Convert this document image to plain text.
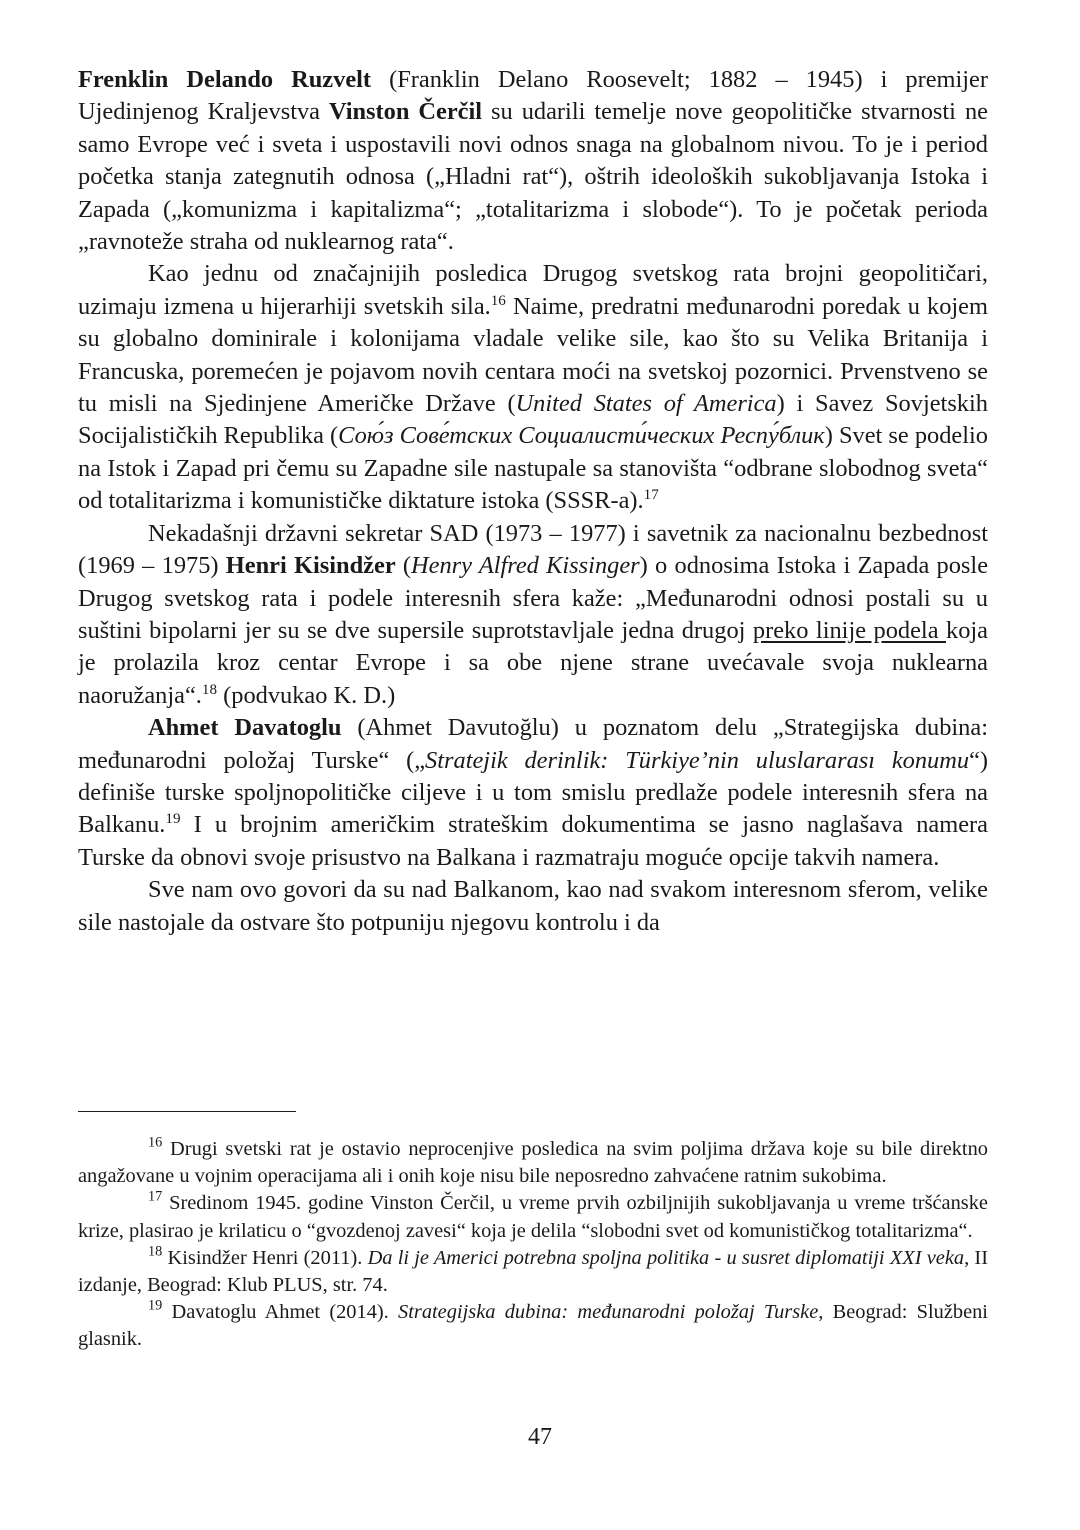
Frenklin Delando Ruzvelt (Franklin Delano Roosevelt; 1882 – 1945) i premijer Ujedinjenog Kraljevstva Vinston Čerčil su udarili temelje nove geopolitičke stvarnosti ne samo Evrope već i sveta i uspostavili novi odnos snaga na globalnom nivou. To je i period početka stanja zategnutih odnosa („Hladni rat“), oštrih ideoloških sukobljavanja Istoka i Zapada („komunizma i kapitalizma“; „totalitarizma i slobode“). To je početak perioda „ravnoteže straha od nuklearnog rata“.

Kao jednu od značajnijih posledica Drugog svetskog rata brojni geopolitičari, uzimaju izmena u hijerarhiji svetskih sila.$^{16}$ Naime, predratni međunarodni poredak u kojem su globalno dominirale i kolonijama vladale velike sile, kao što su Velika Britanija i Francuska, poremećen je pojavom novih centara moći na svetskoj pozornici. Prvenstveno se tu misli na Sjedinjene Američke Države (United States of America) i Savez Sovjetskih Socijalističkih Republika (Сою́з Сове́тских Социалисти́ческих Респу́блик) Svet se podelio na Istok i Zapad pri čemu su Zapadne sile nastupale sa stanovišta “odbrane slobodnog sveta“ od totalitarizma i komunističke diktature istoka (SSSR-a).$^{17}$

Nekadašnji državni sekretar SAD (1973 – 1977) i savetnik za nacionalnu bezbednost (1969 – 1975) Henri Kisindžer (Henry Alfred Kissinger) o odnosima Istoka i Zapada posle Drugog svetskog rata i podele interesnih sfera kaže: „Međunarodni odnosi postali su u suštini bipolarni jer su se dve supersile suprotstavljale jedna drugoj preko linije podela koja je prolazila kroz centar Evrope i sa obe njene strane uvećavale svoja nuklearna naoružanja“.$^{18}$ (podvukao K. D.)

Ahmet Davatoglu (Ahmet Davutoğlu) u poznatom delu „Strategijska dubina: međunarodni položaj Turske“ („Stratejik derinlik: Türkiye’nin uluslararası konumu“) definiše turske spoljnopolitičke ciljeve i u tom smislu predlaže podele interesnih sfera na Balkanu.$^{19}$ I u brojnim američkim strateškim dokumentima se jasno naglašava namera Turske da obnovi svoje prisustvo na Balkana i razmatraju moguće opcije takvih namera.

Sve nam ovo govori da su nad Balkanom, kao nad svakom interesnom sferom, velike sile nastojale da ostvare što potpuniju njegovu kontrolu i da

$^{16}$ Drugi svetski rat je ostavio neprocenjive posledica na svim poljima država koje su bile direktno angažovane u vojnim operacijama ali i onih koje nisu bile neposredno zahvaćene ratnim sukobima.

$^{17}$ Sredinom 1945. godine Vinston Čerčil, u vreme prvih ozbiljnijih sukobljavanja u vreme tršćanske krize, plasirao je krilaticu o “gvozdenoj zavesi“ koja je delila “slobodni svet od komunističkog totalitarizma“.

$^{18}$ Kisindžer Henri (2011). Da li je Americi potrebna spoljna politika - u susret diplomatiji XXI veka, II izdanje, Beograd: Klub PLUS, str. 74.

$^{19}$ Davatoglu Ahmet (2014). Strategijska dubina: međunarodni položaj Turske, Beograd: Službeni glasnik.

47
